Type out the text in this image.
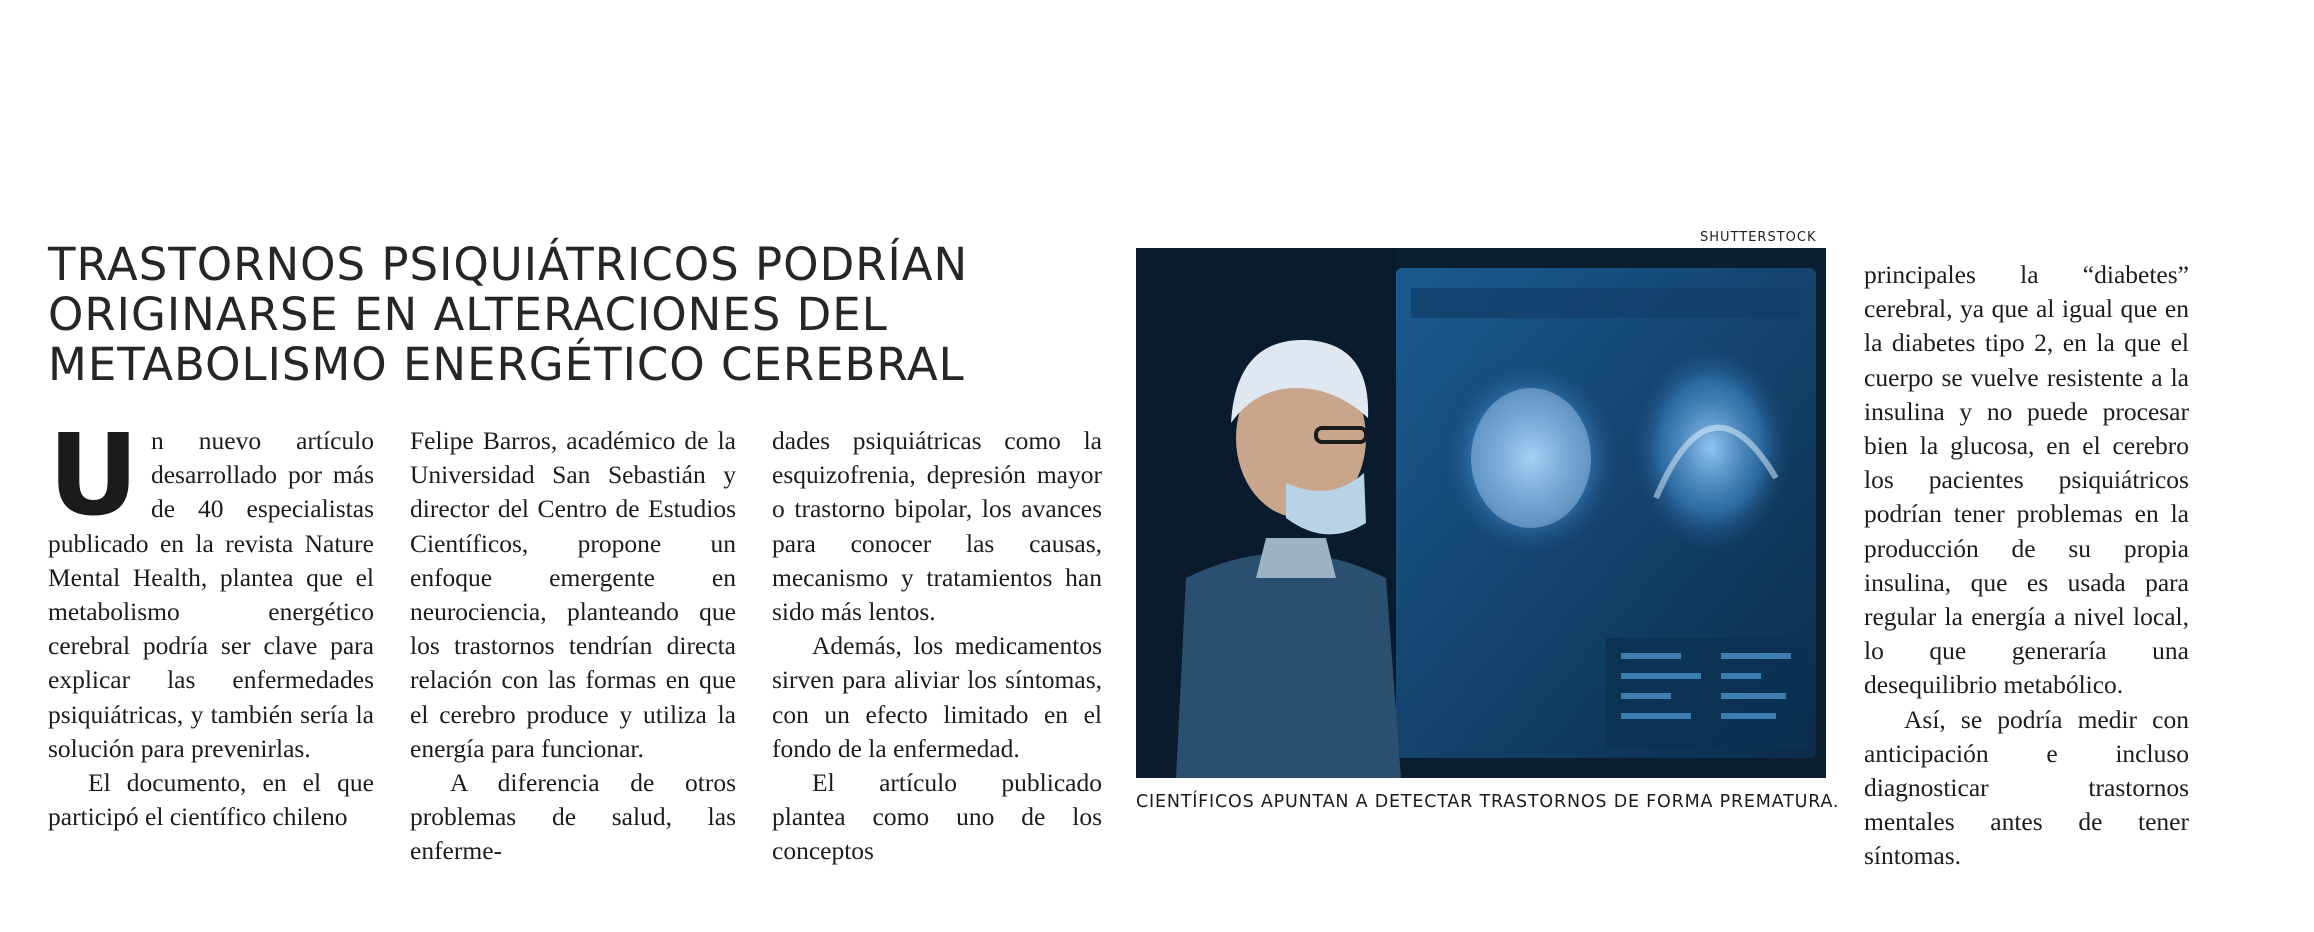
TRASTORNOS PSIQUIÁTRICOS PODRÍAN
ORIGINARSE EN ALTERACIONES DEL
METABOLISMO ENERGÉTICO CEREBRAL

Un nuevo artículo desarrollado por más de 40 especialistas publicado en la revista Nature Mental Health, plantea que el metabolismo energético cerebral podría ser clave para explicar las enfermedades psiquiátricas, y también sería la solución para prevenirlas.

El documento, en el que participó el científico chileno

Felipe Barros, académico de la Universidad San Sebastián y director del Centro de Estudios Científicos, propone un enfoque emergente en neurociencia, planteando que los trastornos tendrían directa relación con las formas en que el cerebro produce y utiliza la energía para funcionar.

A diferencia de otros problemas de salud, las enferme-

dades psiquiátricas como la esquizofrenia, depresión mayor o trastorno bipolar, los avances para conocer las causas, mecanismo y tratamientos han sido más lentos.

Además, los medicamentos sirven para aliviar los síntomas, con un efecto limitado en el fondo de la enfermedad.

El artículo publicado plantea como uno de los conceptos

SHUTTERSTOCK
CIENTÍFICOS APUNTAN A DETECTAR TRASTORNOS DE FORMA PREMATURA.

principales la “diabetes” cerebral, ya que al igual que en la diabetes tipo 2, en la que el cuerpo se vuelve resistente a la insulina y no puede procesar bien la glucosa, en el cerebro los pacientes psiquiátricos podrían tener problemas en la producción de su propia insulina, que es usada para regular la energía a nivel local, lo que generaría una desequilibrio metabólico.

Así, se podría medir con anticipación e incluso diagnosticar trastornos mentales antes de tener síntomas.
